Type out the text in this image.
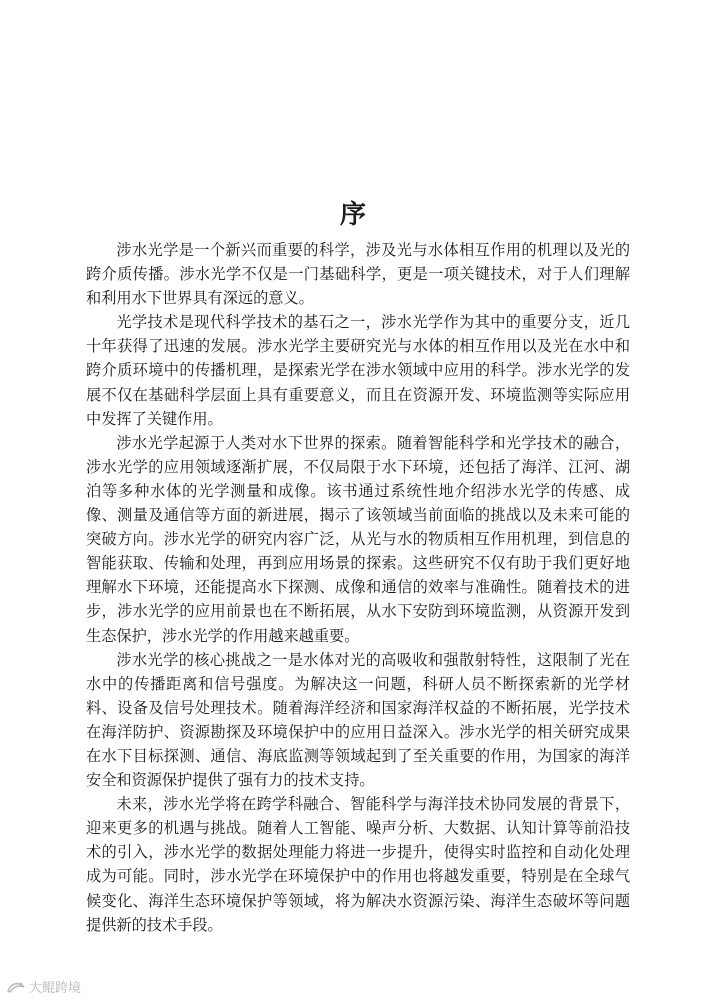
序

涉水光学是一个新兴而重要的科学，涉及光与水体相互作用的机理以及光的跨介质传播。涉水光学不仅是一门基础科学，更是一项关键技术，对于人们理解和利用水下世界具有深远的意义。

光学技术是现代科学技术的基石之一，涉水光学作为其中的重要分支，近几十年获得了迅速的发展。涉水光学主要研究光与水体的相互作用以及光在水中和跨介质环境中的传播机理，是探索光学在涉水领域中应用的科学。涉水光学的发展不仅在基础科学层面上具有重要意义，而且在资源开发、环境监测等实际应用中发挥了关键作用。

涉水光学起源于人类对水下世界的探索。随着智能科学和光学技术的融合，涉水光学的应用领域逐渐扩展，不仅局限于水下环境，还包括了海洋、江河、湖泊等多种水体的光学测量和成像。该书通过系统性地介绍涉水光学的传感、成像、测量及通信等方面的新进展，揭示了该领域当前面临的挑战以及未来可能的突破方向。涉水光学的研究内容广泛，从光与水的物质相互作用机理，到信息的智能获取、传输和处理，再到应用场景的探索。这些研究不仅有助于我们更好地理解水下环境，还能提高水下探测、成像和通信的效率与准确性。随着技术的进步，涉水光学的应用前景也在不断拓展，从水下安防到环境监测，从资源开发到生态保护，涉水光学的作用越来越重要。

涉水光学的核心挑战之一是水体对光的高吸收和强散射特性，这限制了光在水中的传播距离和信号强度。为解决这一问题，科研人员不断探索新的光学材料、设备及信号处理技术。随着海洋经济和国家海洋权益的不断拓展，光学技术在海洋防护、资源勘探及环境保护中的应用日益深入。涉水光学的相关研究成果在水下目标探测、通信、海底监测等领域起到了至关重要的作用，为国家的海洋安全和资源保护提供了强有力的技术支持。

未来，涉水光学将在跨学科融合、智能科学与海洋技术协同发展的背景下，迎来更多的机遇与挑战。随着人工智能、噪声分析、大数据、认知计算等前沿技术的引入，涉水光学的数据处理能力将进一步提升，使得实时监控和自动化处理成为可能。同时，涉水光学在环境保护中的作用也将越发重要，特别是在全球气候变化、海洋生态环境保护等领域，将为解决水资源污染、海洋生态破坏等问题提供新的技术手段。

大鲲跨境
